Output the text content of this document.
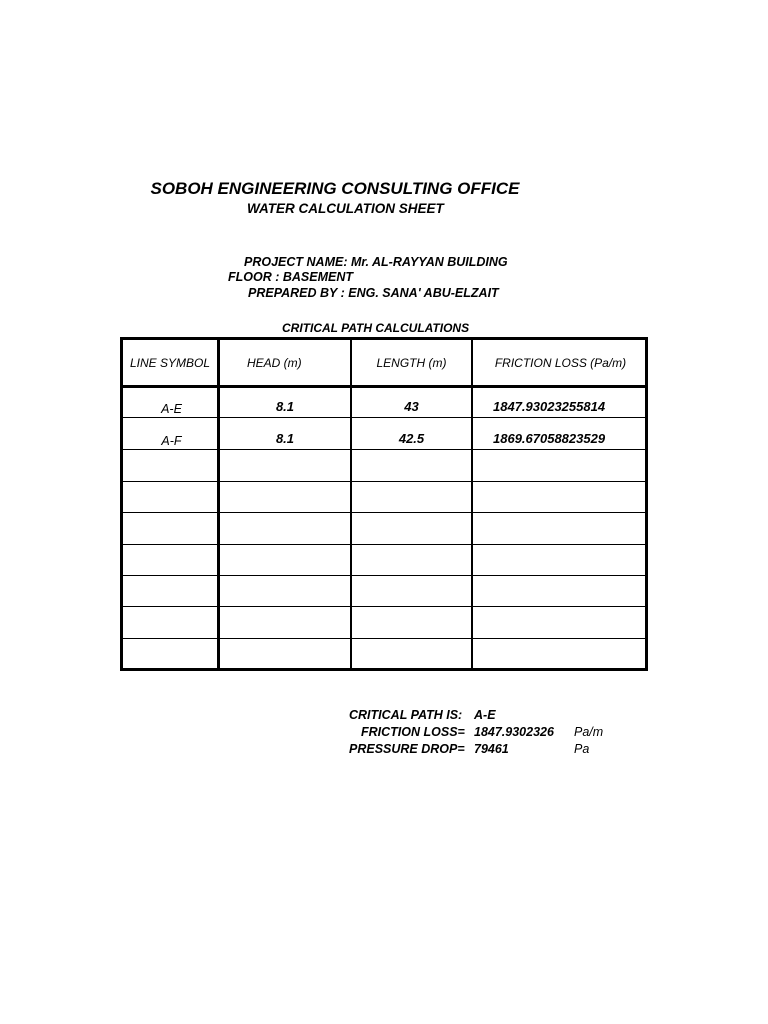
SOBOH ENGINEERING CONSULTING OFFICE
WATER CALCULATION SHEET
PROJECT NAME: Mr. AL-RAYYAN BUILDING
FLOOR : BASEMENT
PREPARED BY : ENG. SANA' ABU-ELZAIT
CRITICAL PATH CALCULATIONS
LINE SYMBOL	HEAD (m)	LENGTH (m)	FRICTION LOSS (Pa/m)
A-E	8.1	43	1847.93023255814
A-F	8.1	42.5	1869.67058823529
CRITICAL PATH IS: A-E
FRICTION LOSS= 1847.9302326 Pa/m
PRESSURE DROP= 79461	Pa
